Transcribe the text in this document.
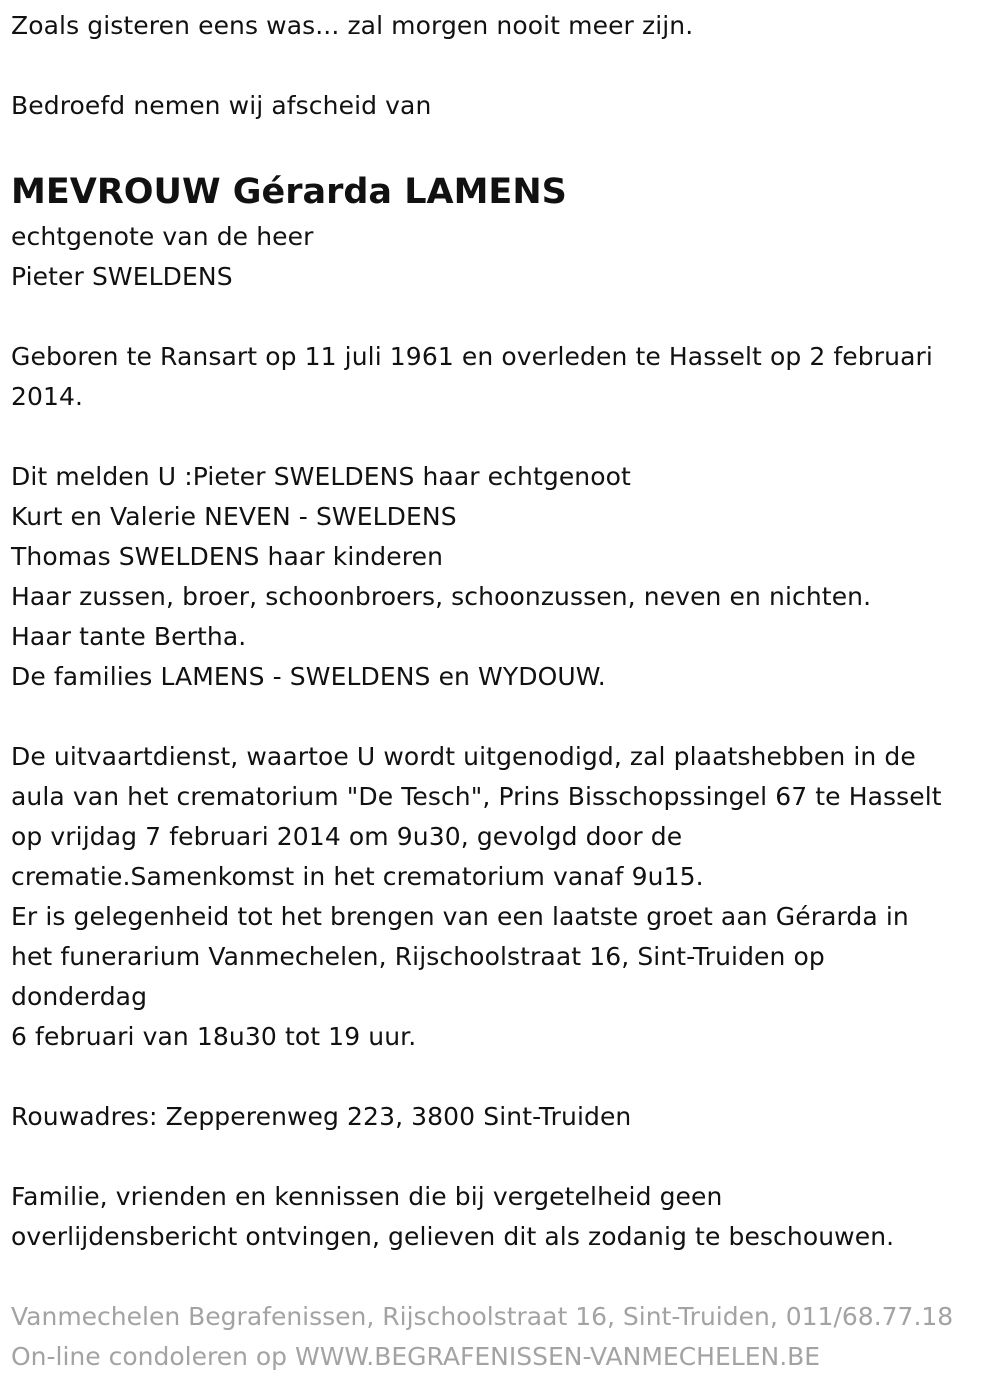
Zoals gisteren eens was... zal morgen nooit meer zijn.
Bedroefd nemen wij afscheid van
MEVROUW Gérarda LAMENS
echtgenote van de heer
Pieter SWELDENS
Geboren te Ransart op 11 juli 1961 en overleden te Hasselt op 2 februari
2014.
Dit melden U :Pieter SWELDENS haar echtgenoot
Kurt en Valerie NEVEN - SWELDENS
Thomas SWELDENS haar kinderen
Haar zussen, broer, schoonbroers, schoonzussen, neven en nichten.
Haar tante Bertha.
De families LAMENS - SWELDENS en WYDOUW.
De uitvaartdienst, waartoe U wordt uitgenodigd, zal plaatshebben in de
aula van het crematorium "De Tesch", Prins Bisschopssingel 67 te Hasselt
op vrijdag 7 februari 2014 om 9u30, gevolgd door de
crematie.Samenkomst in het crematorium vanaf 9u15.
Er is gelegenheid tot het brengen van een laatste groet aan Gérarda in
het funerarium Vanmechelen, Rijschoolstraat 16, Sint-Truiden op
donderdag
6 februari van 18u30 tot 19 uur.
Rouwadres: Zepperenweg 223, 3800 Sint-Truiden
Familie, vrienden en kennissen die bij vergetelheid geen
overlijdensbericht ontvingen, gelieven dit als zodanig te beschouwen.
Vanmechelen Begrafenissen, Rijschoolstraat 16, Sint-Truiden, 011/68.77.18
On-line condoleren op WWW.BEGRAFENISSEN-VANMECHELEN.BE
